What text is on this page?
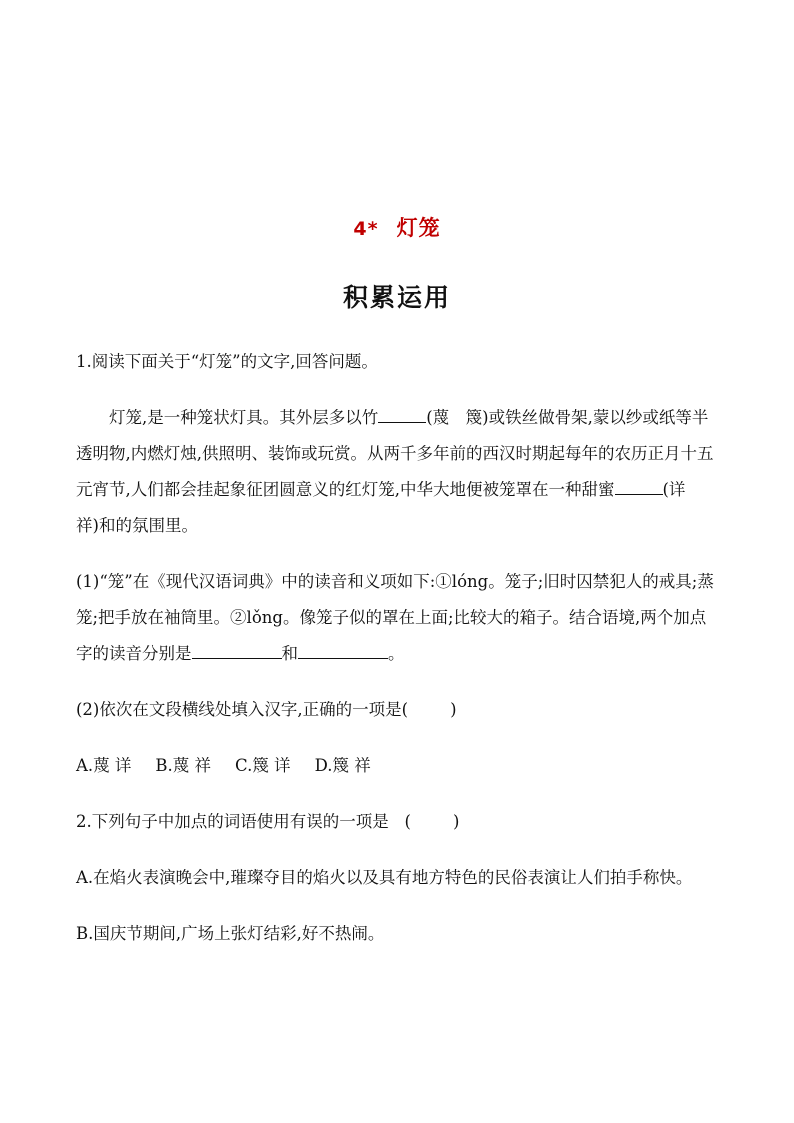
4* 灯笼
积累运用

1.阅读下面关于“灯笼”的文字,回答问题。

灯笼,是一种笼状灯具。其外层多以竹	(蔑　篾)或铁丝做骨架,蒙以纱或纸等半透明物,内燃灯烛,供照明、装饰或玩赏。从两千多年前的西汉时期起每年的农历正月十五元宵节,人们都会挂起象征团圆意义的红灯笼,中华大地便被笼罩在一种甜蜜	(详　祥)和的氛围里。

(1)“笼”在《现代汉语词典》中的读音和义项如下:①lóng。笼子;旧时囚禁犯人的戒具;蒸笼;把手放在袖筒里。②lǒng。像笼子似的罩在上面;比较大的箱子。结合语境,两个加点字的读音分别是	和	。

(2)依次在文段横线处填入汉字,正确的一项是(	)

A.蔑 详 B.蔑 祥 C.篾 详 D.篾 祥

2.下列句子中加点的词语使用有误的一项是 (	)

A.在焰火表演晚会中,璀璨夺目的焰火以及具有地方特色的民俗表演让人们拍手称快。

B.国庆节期间,广场上张灯结彩,好不热闹。
